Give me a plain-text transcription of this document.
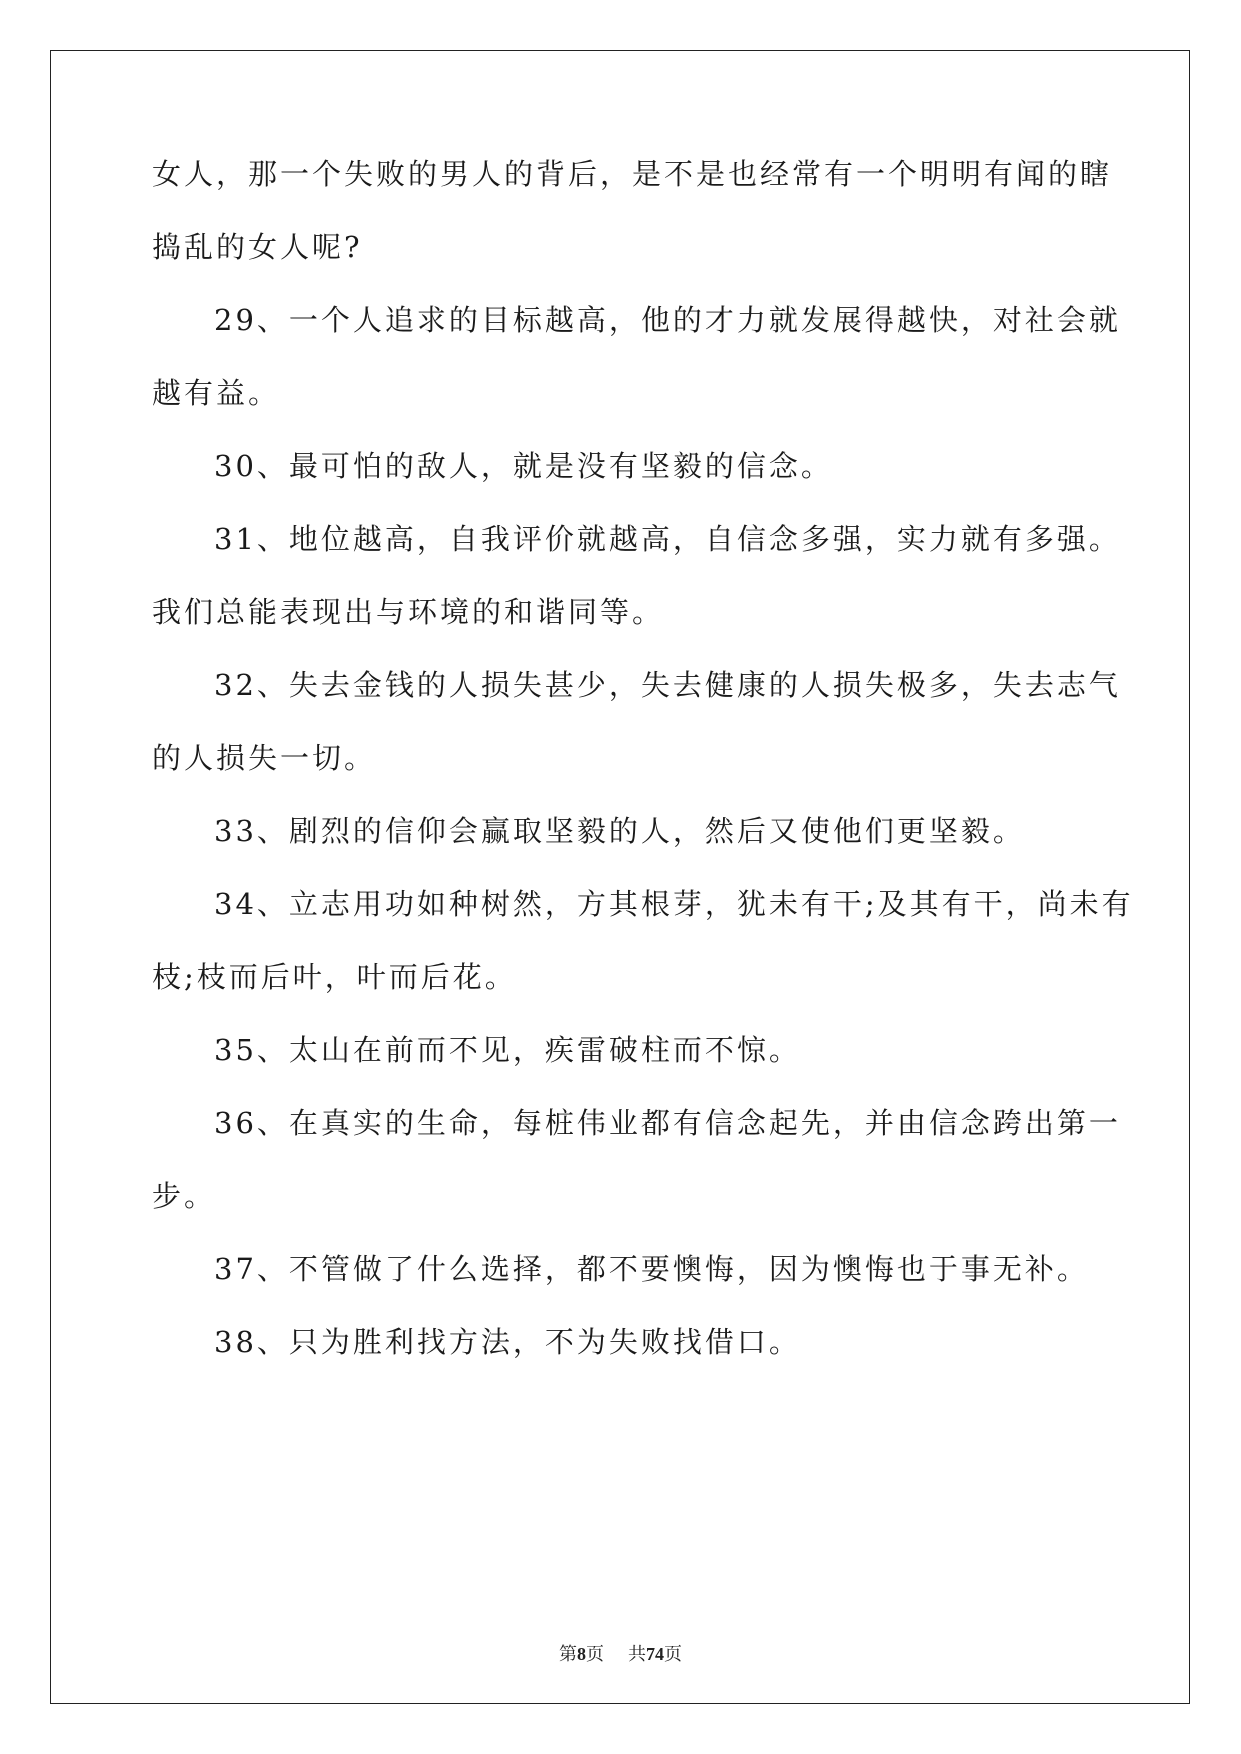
女人，那一个失败的男人的背后，是不是也经常有一个明明有闻的瞎
捣乱的女人呢?
29、一个人追求的目标越高，他的才力就发展得越快，对社会就
越有益。
30、最可怕的敌人，就是没有坚毅的信念。
31、地位越高，自我评价就越高，自信念多强，实力就有多强。
我们总能表现出与环境的和谐同等。
32、失去金钱的人损失甚少，失去健康的人损失极多，失去志气
的人损失一切。
33、剧烈的信仰会赢取坚毅的人，然后又使他们更坚毅。
34、立志用功如种树然，方其根芽，犹未有干;及其有干，尚未有
枝;枝而后叶，叶而后花。
35、太山在前而不见，疾雷破柱而不惊。
36、在真实的生命，每桩伟业都有信念起先，并由信念跨出第一
步。
37、不管做了什么选择，都不要懊悔，因为懊悔也于事无补。
38、只为胜利找方法，不为失败找借口。
第8页 共74页
